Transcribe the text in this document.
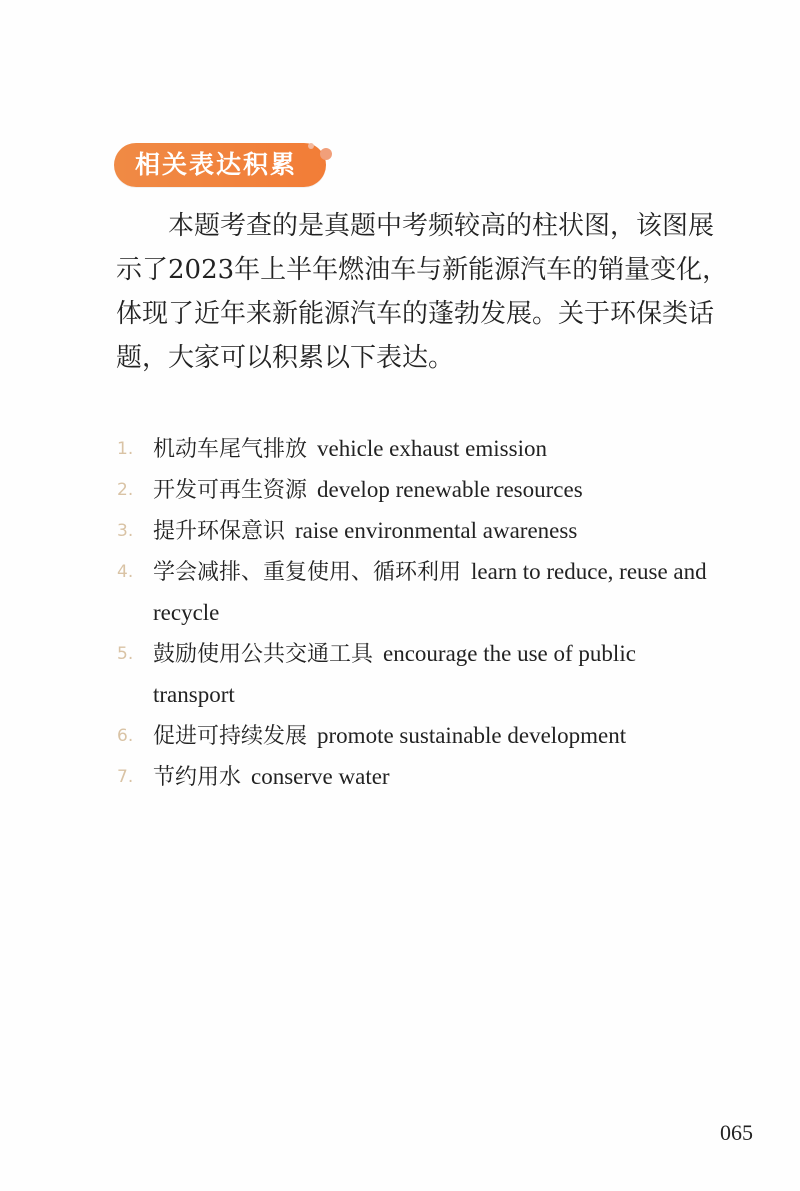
相关表达积累
本题考查的是真题中考频较高的柱状图，该图展
示了2023年上半年燃油车与新能源汽车的销量变化，
体现了近年来新能源汽车的蓬勃发展。关于环保类话
题，大家可以积累以下表达。
1. 机动车尾气排放 vehicle exhaust emission
2. 开发可再生资源 develop renewable resources
3. 提升环保意识 raise environmental awareness
4. 学会减排、重复使用、循环利用 learn to reduce, reuse and recycle
5. 鼓励使用公共交通工具 encourage the use of public transport
6. 促进可持续发展 promote sustainable development
7. 节约用水 conserve water
065
